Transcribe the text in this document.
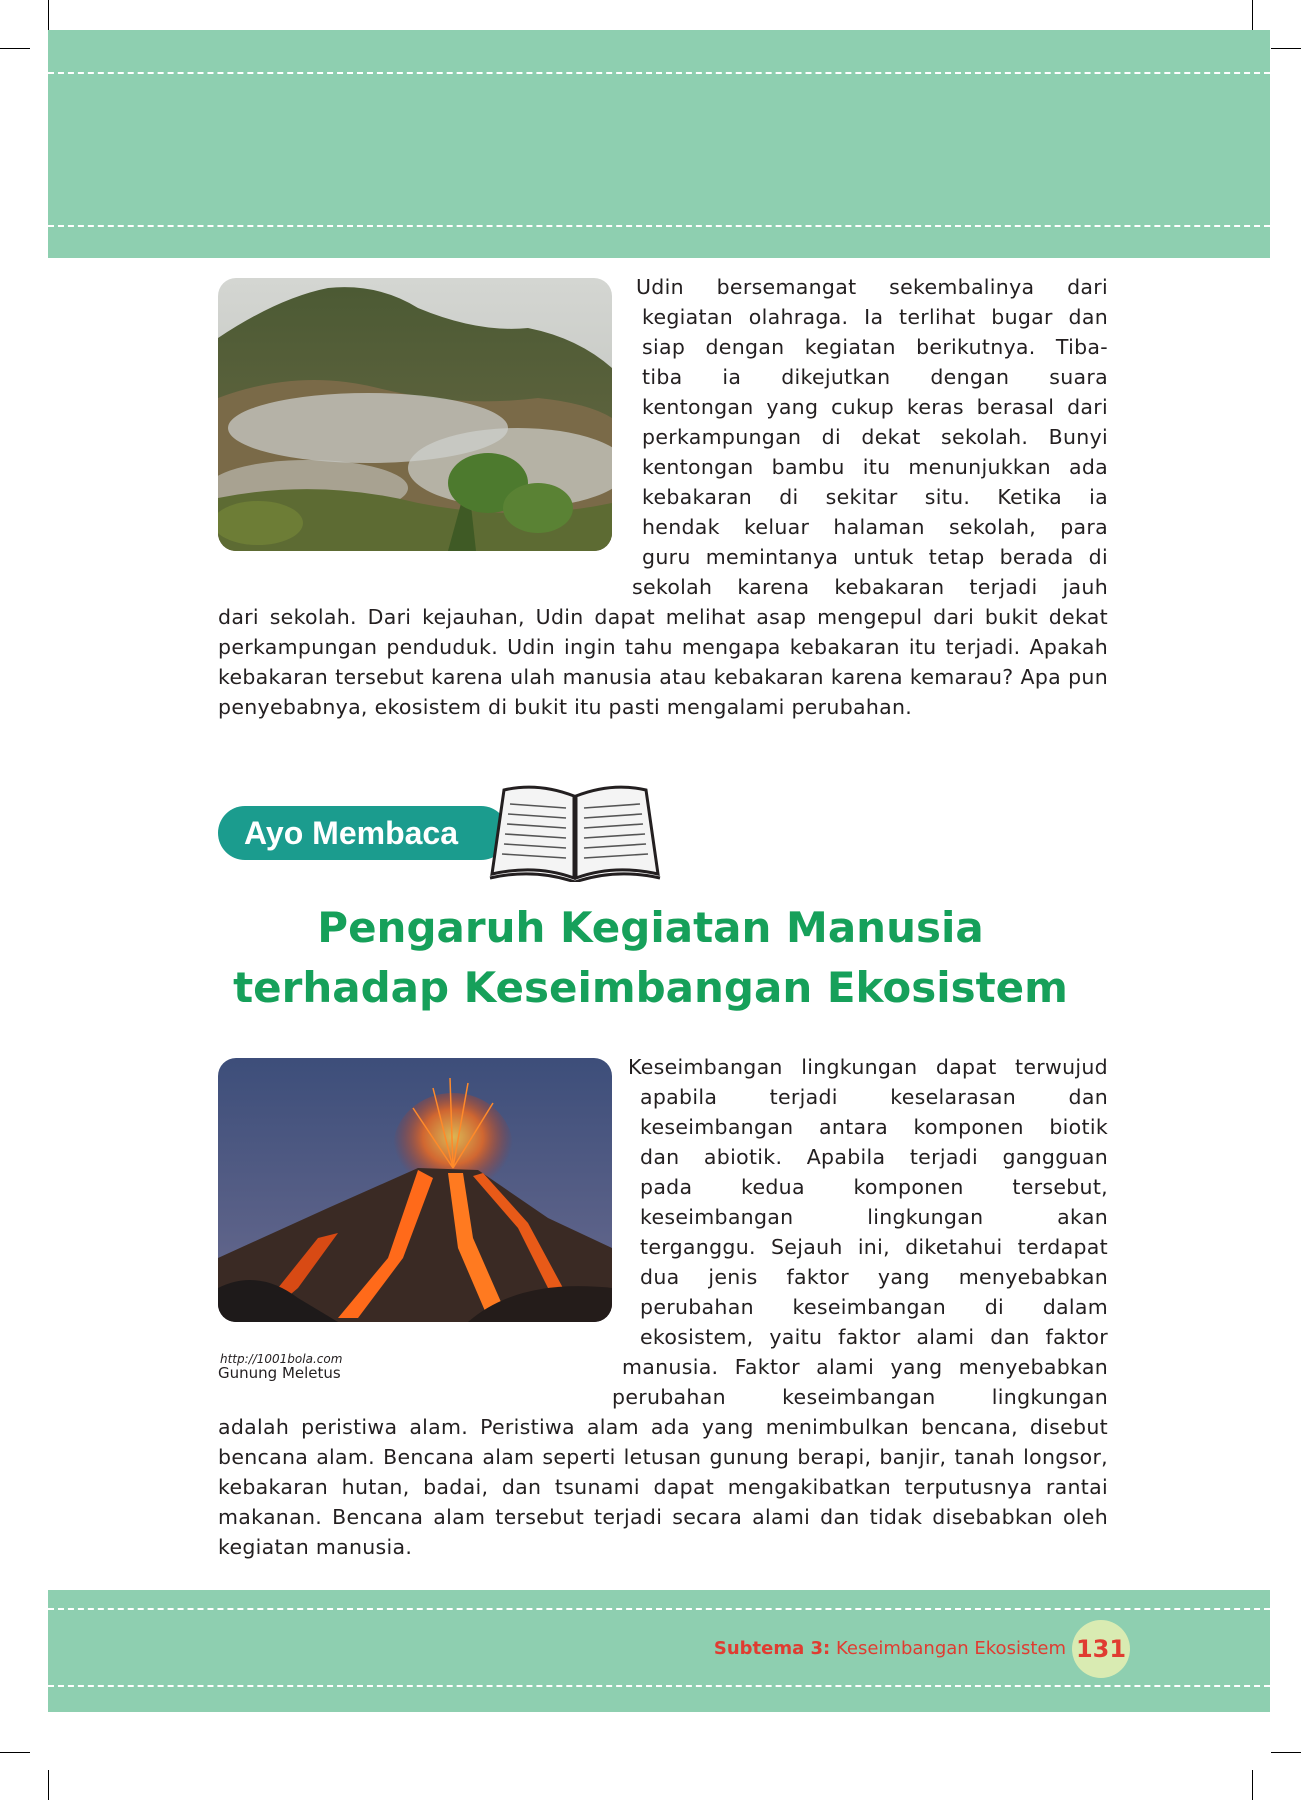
Udin bersemangat sekembalinya dari

kegiatan olahraga. Ia terlihat bugar dan

siap dengan kegiatan berikutnya. Tiba-

tiba ia dikejutkan dengan suara

kentongan yang cukup keras berasal dari

perkampungan di dekat sekolah. Bunyi

kentongan bambu itu menunjukkan ada

kebakaran di sekitar situ. Ketika ia

hendak keluar halaman sekolah, para

guru memintanya untuk tetap berada di

sekolah karena kebakaran terjadi jauh

dari sekolah. Dari kejauhan, Udin dapat melihat asap mengepul dari bukit dekat perkampungan penduduk. Udin ingin tahu mengapa kebakaran itu terjadi. Apakah kebakaran tersebut karena ulah manusia atau kebakaran karena kemarau? Apa pun penyebabnya, ekosistem di bukit itu pasti mengalami perubahan.

Ayo Membaca
Pengaruh Kegiatan Manusia
terhadap Keseimbangan Ekosistem
http://1001bola.com
Gunung Meletus

Keseimbangan lingkungan dapat terwujud

apabila terjadi keselarasan dan

keseimbangan antara komponen biotik

dan abiotik. Apabila terjadi gangguan

pada kedua komponen tersebut,

keseimbangan lingkungan akan

terganggu. Sejauh ini, diketahui terdapat

dua jenis faktor yang menyebabkan

perubahan keseimbangan di dalam

ekosistem, yaitu faktor alami dan faktor

manusia. Faktor alami yang menyebabkan

perubahan keseimbangan lingkungan

adalah peristiwa alam. Peristiwa alam ada yang menimbulkan bencana, disebut bencana alam. Bencana alam seperti letusan gunung berapi, banjir, tanah longsor, kebakaran hutan, badai, dan tsunami dapat mengakibatkan terputusnya rantai makanan. Bencana alam tersebut terjadi secara alami dan tidak disebabkan oleh kegiatan manusia.

Subtema 3: Keseimbangan Ekosistem 131
